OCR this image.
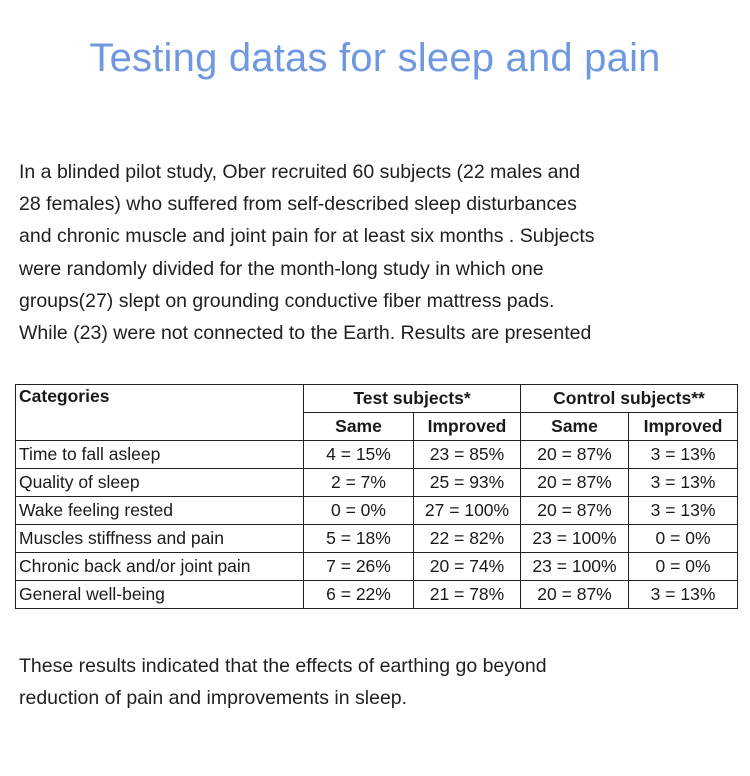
Testing datas for sleep and pain

In a blinded pilot study, Ober recruited 60 subjects (22 males and
28 females) who suffered from self-described sleep disturbances
and chronic muscle and joint pain for at least six months . Subjects
were randomly divided for the month-long study in which one
groups(27) slept on grounding conductive fiber mattress pads.
While (23) were not connected to the Earth. Results are presented

Categories	Test subjects*		Control subjects**	
	Same	Improved	Same	Improved
Time to fall asleep	4 = 15%	23 = 85%	20 = 87%	3 = 13%
Quality of sleep	2 = 7%	25 = 93%	20 = 87%	3 = 13%
Wake feeling rested	0 = 0%	27 = 100%	20 = 87%	3 = 13%
Muscles stiffness and pain	5 = 18%	22 = 82%	23 = 100%	0 = 0%
Chronic back and/or joint pain	7 = 26%	20 = 74%	23 = 100%	0 = 0%
General well-being	6 = 22%	21 = 78%	20 = 87%	3 = 13%

These results indicated that the effects of earthing go beyond
reduction of pain and improvements in sleep.
